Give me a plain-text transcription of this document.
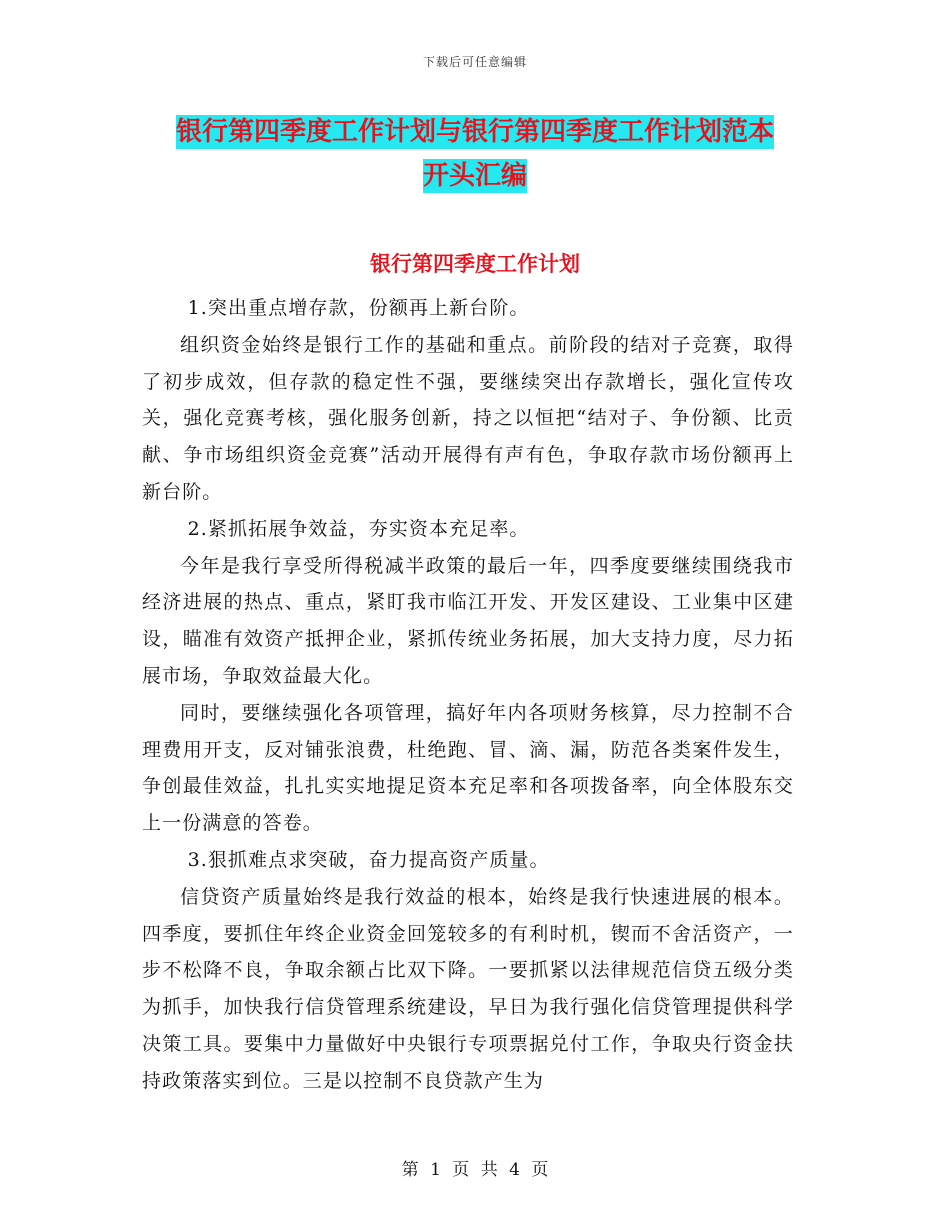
下载后可任意编辑
银行第四季度工作计划与银行第四季度工作计划范本
开头汇编
银行第四季度工作计划

1.突出重点增存款，份额再上新台阶。

组织资金始终是银行工作的基础和重点。前阶段的结对子竞赛，取得了初步成效，但存款的稳定性不强，要继续突出存款增长，强化宣传攻关，强化竞赛考核，强化服务创新，持之以恒把“结对子、争份额、比贡献、争市场组织资金竞赛”活动开展得有声有色，争取存款市场份额再上新台阶。

2.紧抓拓展争效益，夯实资本充足率。

今年是我行享受所得税减半政策的最后一年，四季度要继续围绕我市经济进展的热点、重点，紧盯我市临江开发、开发区建设、工业集中区建设，瞄准有效资产抵押企业，紧抓传统业务拓展，加大支持力度，尽力拓展市场，争取效益最大化。

同时，要继续强化各项管理，搞好年内各项财务核算，尽力控制不合理费用开支，反对铺张浪费，杜绝跑、冒、滴、漏，防范各类案件发生，争创最佳效益，扎扎实实地提足资本充足率和各项拨备率，向全体股东交上一份满意的答卷。

3.狠抓难点求突破，奋力提高资产质量。

信贷资产质量始终是我行效益的根本，始终是我行快速进展的根本。四季度，要抓住年终企业资金回笼较多的有利时机，锲而不舍活资产，一步不松降不良，争取余额占比双下降。一要抓紧以法律规范信贷五级分类为抓手，加快我行信贷管理系统建设，早日为我行强化信贷管理提供科学决策工具。要集中力量做好中央银行专项票据兑付工作，争取央行资金扶持政策落实到位。三是以控制不良贷款产生为

第 1 页 共 4 页
